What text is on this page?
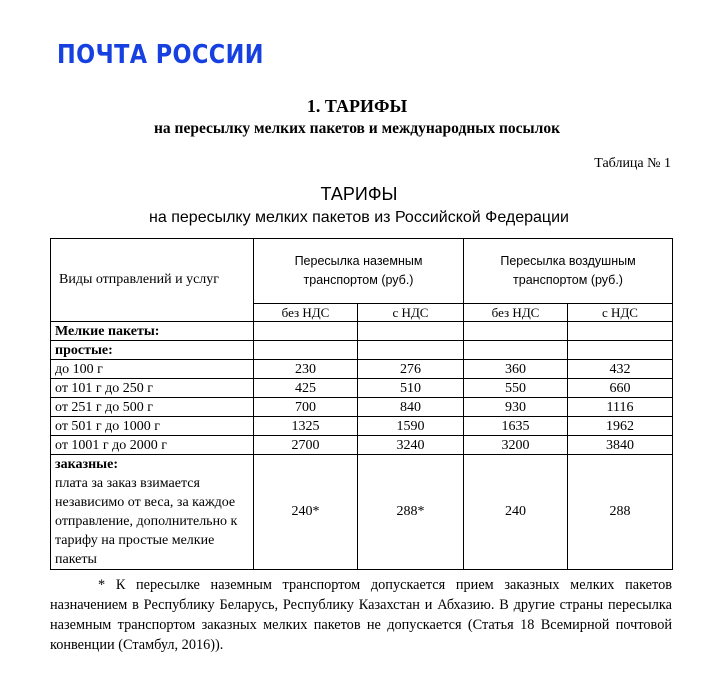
ПОЧТА РОССИИ
1. ТАРИФЫ
на пересылку мелких пакетов и международных посылок
Таблица № 1
ТАРИФЫ
на пересылку мелких пакетов из Российской Федерации
Виды отправлений и услуг	Пересылка наземным транспортом (руб.)		Пересылка воздушным транспортом (руб.)	
	без НДС	с НДС	без НДС	с НДС
Мелкие пакеты:				
простые:				
до 100 г	230	276	360	432
от 101 г до 250 г	425	510	550	660
от 251 г до 500 г	700	840	930	1116
от 501 г до 1000 г	1325	1590	1635	1962
от 1001 г до 2000 г	2700	3240	3200	3840

заказные:
плата за заказ взимается независимо от веса, за каждое отправление, дополнительно к тарифу на простые мелкие пакеты	240*	288*	240	288
* К пересылке наземным транспортом допускается прием заказных мелких пакетов назначением в Республику Беларусь, Республику Казахстан и Абхазию. В другие страны пересылка наземным транспортом заказных мелких пакетов не допускается (Статья 18 Всемирной почтовой конвенции (Стамбул, 2016)).
